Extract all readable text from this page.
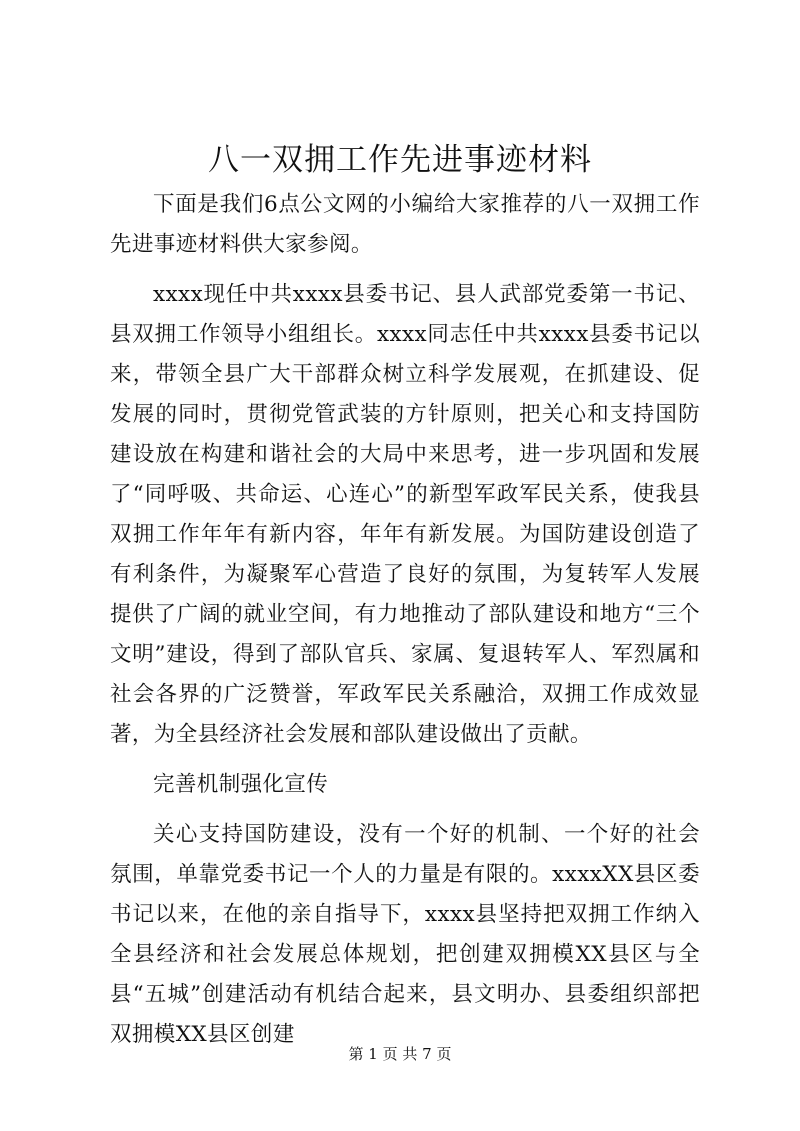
八一双拥工作先进事迹材料

下面是我们6点公文网的小编给大家推荐的八一双拥工作先进事迹材料供大家参阅。

xxxx现任中共xxxx县委书记、县人武部党委第一书记、县双拥工作领导小组组长。xxxx同志任中共xxxx县委书记以来，带领全县广大干部群众树立科学发展观，在抓建设、促发展的同时，贯彻党管武装的方针原则，把关心和支持国防建设放在构建和谐社会的大局中来思考，进一步巩固和发展了“同呼吸、共命运、心连心”的新型军政军民关系，使我县双拥工作年年有新内容，年年有新发展。为国防建设创造了有利条件，为凝聚军心营造了良好的氛围，为复转军人发展提供了广阔的就业空间，有力地推动了部队建设和地方“三个文明”建设，得到了部队官兵、家属、复退转军人、军烈属和社会各界的广泛赞誉，军政军民关系融洽，双拥工作成效显著，为全县经济社会发展和部队建设做出了贡献。

完善机制强化宣传

关心支持国防建设，没有一个好的机制、一个好的社会氛围，单靠党委书记一个人的力量是有限的。xxxxXX县区委书记以来，在他的亲自指导下，xxxx县坚持把双拥工作纳入全县经济和社会发展总体规划，把创建双拥模XX县区与全县“五城”创建活动有机结合起来，县文明办、县委组织部把双拥模XX县区创建

第 1 页 共 7 页
